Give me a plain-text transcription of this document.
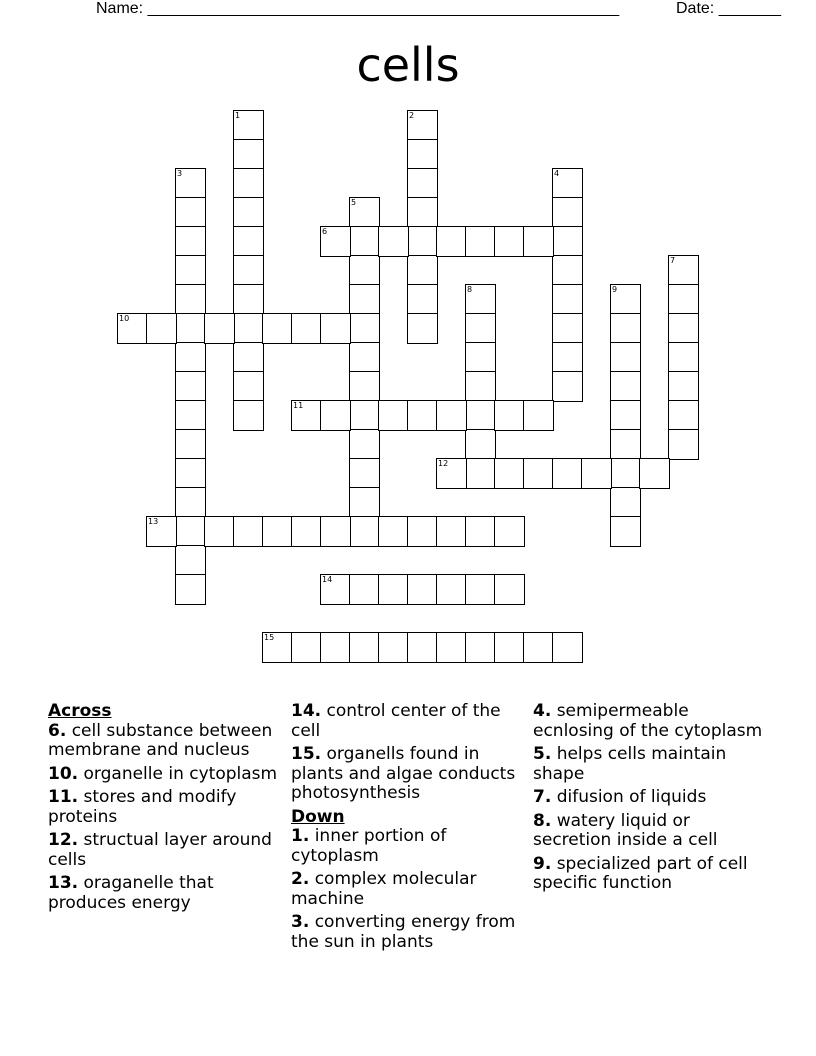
Name: _____________________________________________________	Date: _______
cells
1	2
3	4
5
6
7
8	9
10
11
12
13
14
15
Across
6. cell substance between membrane and nucleus
10. organelle in cytoplasm
11. stores and modify proteins
12. structual layer around cells
13. oraganelle that produces energy
14. control center of the cell
15. organells found in plants and algae conducts photosynthesis
Down
1. inner portion of cytoplasm
2. complex molecular machine
3. converting energy from the sun in plants
4. semipermeable ecnlosing of the cytoplasm
5. helps cells maintain shape
7. difusion of liquids
8. watery liquid or secretion inside a cell
9. specialized part of cell specific function
